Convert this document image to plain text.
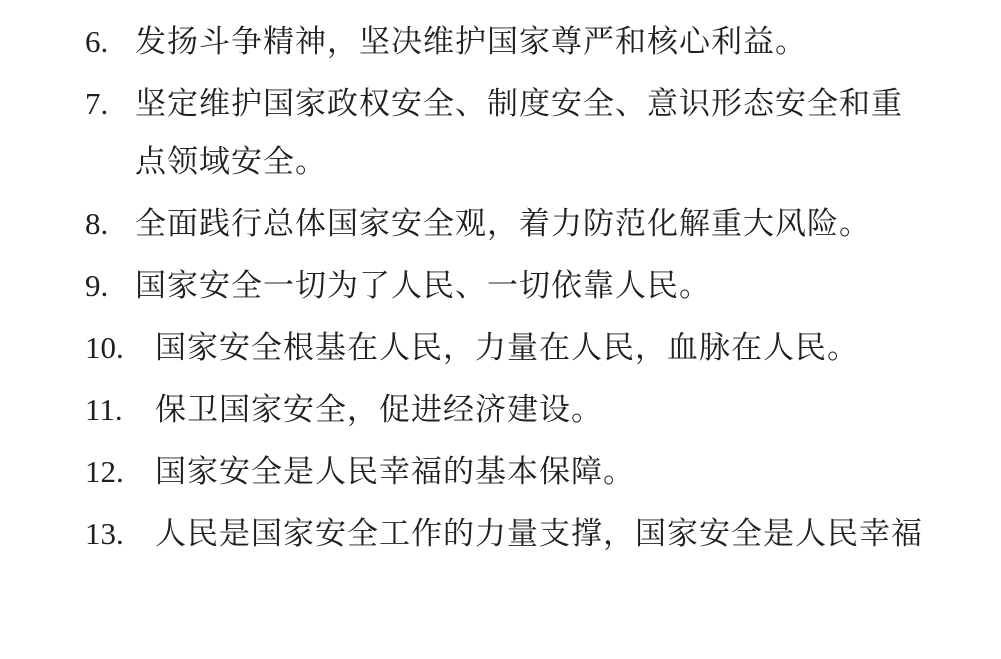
6. 发扬斗争精神，坚决维护国家尊严和核心利益。
7. 坚定维护国家政权安全、制度安全、意识形态安全和重点领域安全。
8. 全面践行总体国家安全观，着力防范化解重大风险。
9. 国家安全一切为了人民、一切依靠人民。
10.	国家安全根基在人民，力量在人民，血脉在人民。
11.	保卫国家安全，促进经济建设。
12.	国家安全是人民幸福的基本保障。
13.	人民是国家安全工作的力量支撑，国家安全是人民幸福
